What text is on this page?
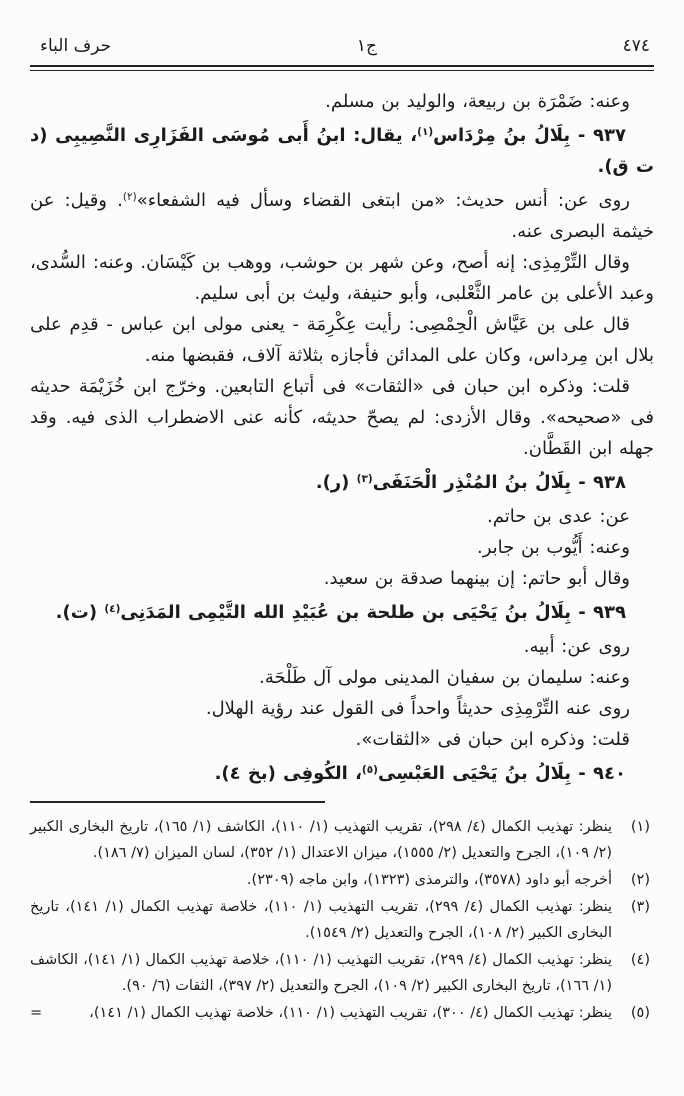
٤٧٤
ج١
حرف الباء

وعنه: ضَمْرَة بن ربيعة، والوليد بن مسلم.

٩٣٧ - بِلَالُ بنُ مِرْدَاس$^{(١)}$، يقال: ابنُ أَبى مُوسَى الفَزَارِى النَّصِيبِى (د ت ق).

روى عن: أنس حديث: «من ابتغى القضاء وسأل فيه الشفعاء»$^{(٢)}$. وقيل: عن خيثمة البصرى عنه.

وقال التِّرْمِذِى: إنه أصح، وعن شهر بن حوشب، ووهب بن كَيْسَان. وعنه: السُّدى، وعبد الأعلى بن عامر الثَّعْلبى، وأبو حنيفة، وليث بن أبى سليم.

قال على بن عَيَّاش الْحِمْصِى: رأيت عِكْرِمَة - يعنى مولى ابن عباس - قدِم على بلال ابن مِرداس، وكان على المدائن فأجازه بثلاثة آلاف، فقبضها منه.

قلت: وذكره ابن حبان فى «الثقات» فى أتباع التابعين. وخرّج ابن خُزَيْمَة حديثه فى «صحيحه». وقال الأزدى: لم يصحّ حديثه، كأنه عنى الاضطراب الذى فيه. وقد جهله ابن القَطَّان.

٩٣٨ - بِلَالُ بنُ المُنْذِر الْحَنَفَى$^{(٣)}$ (ر).

عن: عدى بن حاتم.

وعنه: أَيُّوب بن جابر.

وقال أبو حاتم: إن بينهما صدقة بن سعيد.

٩٣٩ - بِلَالُ بنُ يَحْيَى بن طلحة بن عُبَيْدِ الله التَّيْمِى المَدَنِى$^{(٤)}$ (ت).

روى عن: أبيه.

وعنه: سليمان بن سفيان المدينى مولى آل طَلْحَة.

روى عنه التِّرْمِذِى حديثاً واحداً فى القول عند رؤية الهلال.

قلت: وذكره ابن حبان فى «الثقات».

٩٤٠ - بِلَالُ بنُ يَحْيَى العَبْسِى$^{(٥)}$، الكُوفِى (بخ ٤).

(١)
ينظر: تهذيب الكمال (٤/ ٢٩٨)، تقريب التهذيب (١/ ١١٠)، الكاشف (١/ ١٦٥)، تاريخ البخارى الكبير (٢/ ١٠٩)، الجرح والتعديل (٢/ ١٥٥٥)، ميزان الاعتدال (١/ ٣٥٢)، لسان الميزان (٧/ ١٨٦).
(٢)
أخرجه أبو داود (٣٥٧٨)، والترمذى (١٣٢٣)، وابن ماجه (٢٣٠٩).
(٣)
ينظر: تهذيب الكمال (٤/ ٢٩٩)، تقريب التهذيب (١/ ١١٠)، خلاصة تهذيب الكمال (١/ ١٤١)، تاريخ البخارى الكبير (٢/ ١٠٨)، الجرح والتعديل (٢/ ١٥٤٩).
(٤)
ينظر: تهذيب الكمال (٤/ ٢٩٩)، تقريب التهذيب (١/ ١١٠)، خلاصة تهذيب الكمال (١/ ١٤١)، الكاشف (١/ ١٦٦)، تاريخ البخارى الكبير (٢/ ١٠٩)، الجرح والتعديل (٢/ ٣٩٧)، الثقات (٦/ ٩٠).
(٥)
ينظر: تهذيب الكمال (٤/ ٣٠٠)، تقريب التهذيب (١/ ١١٠)، خلاصة تهذيب الكمال (١/ ١٤١)،
=
